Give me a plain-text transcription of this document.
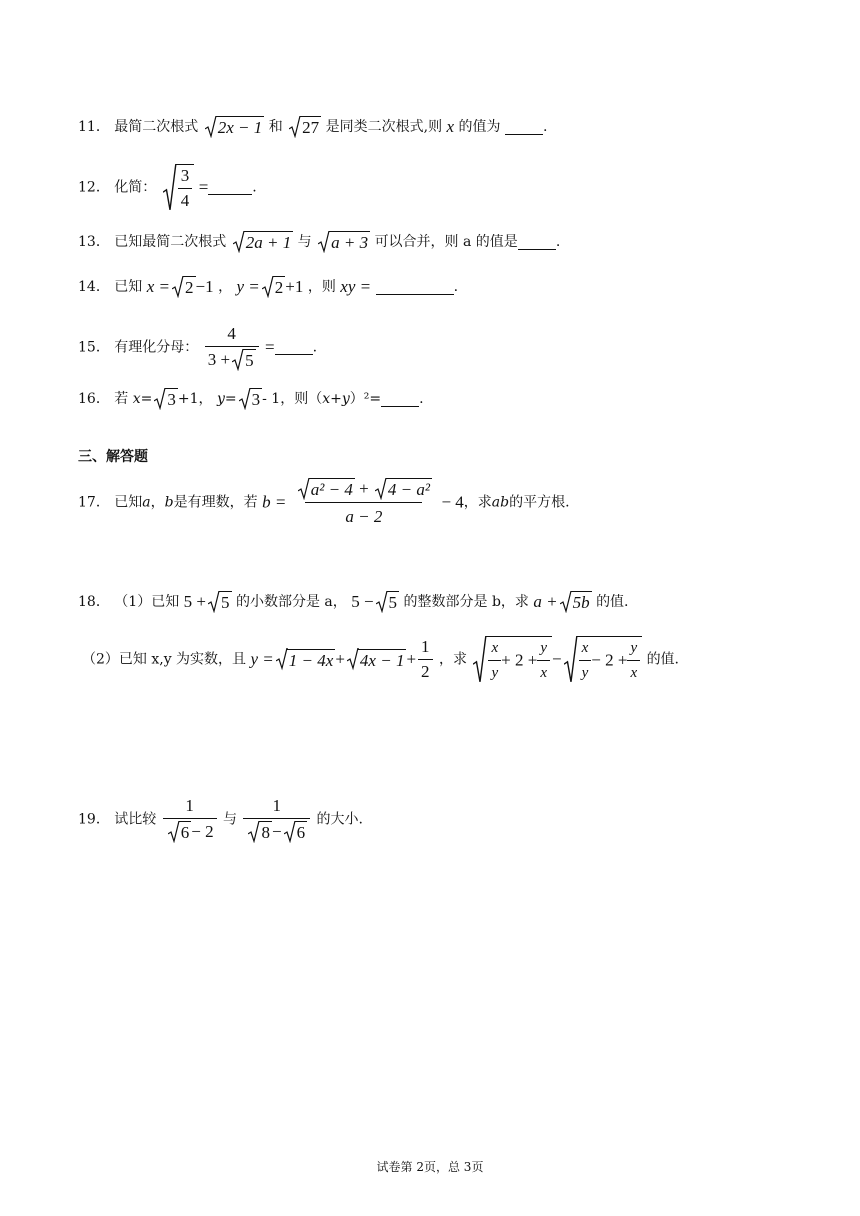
11． 最简二次根式 2x − 1 和 27 是同类二次根式,则 x 的值为	.
12． 化简： $\frac{3}{4}$ =	.
13． 已知最简二次根式 2a + 1 与 a + 3 可以合并，则 a 的值是	.
14． 已知 x = 2 −1 ， y = 2 +1 ，则 xy =	.
15． 有理化分母： $\frac{4}{3 + 5}$ =	.
16． 若 x= 3 +1， y= 3 - 1，则（x+y）²=	.
三、解答题
17． 已知a，b是有理数，若 $b = \frac{\text{a² − 4 + 4 − a²}}{a - 2} - 4$，求ab的平方根.
18． （1）已知 5 + 5 的小数部分是 a， 5 − 5 的整数部分是 b，求 a + 5b 的值.
（2）已知 x,y 为实数，且 $y = 1 - 4x + 4x - 1 + \frac{1}{2}$ ，求 $\frac{x}{y} + 2 + \frac{y}{x} - \frac{x}{y} - 2 + \frac{y}{x}$ 的值.
19． 试比较 $\frac{1}{6 - 2}$ 与 $\frac{1}{8 - 6}$ 的大小.
试卷第 2页，总 3页
